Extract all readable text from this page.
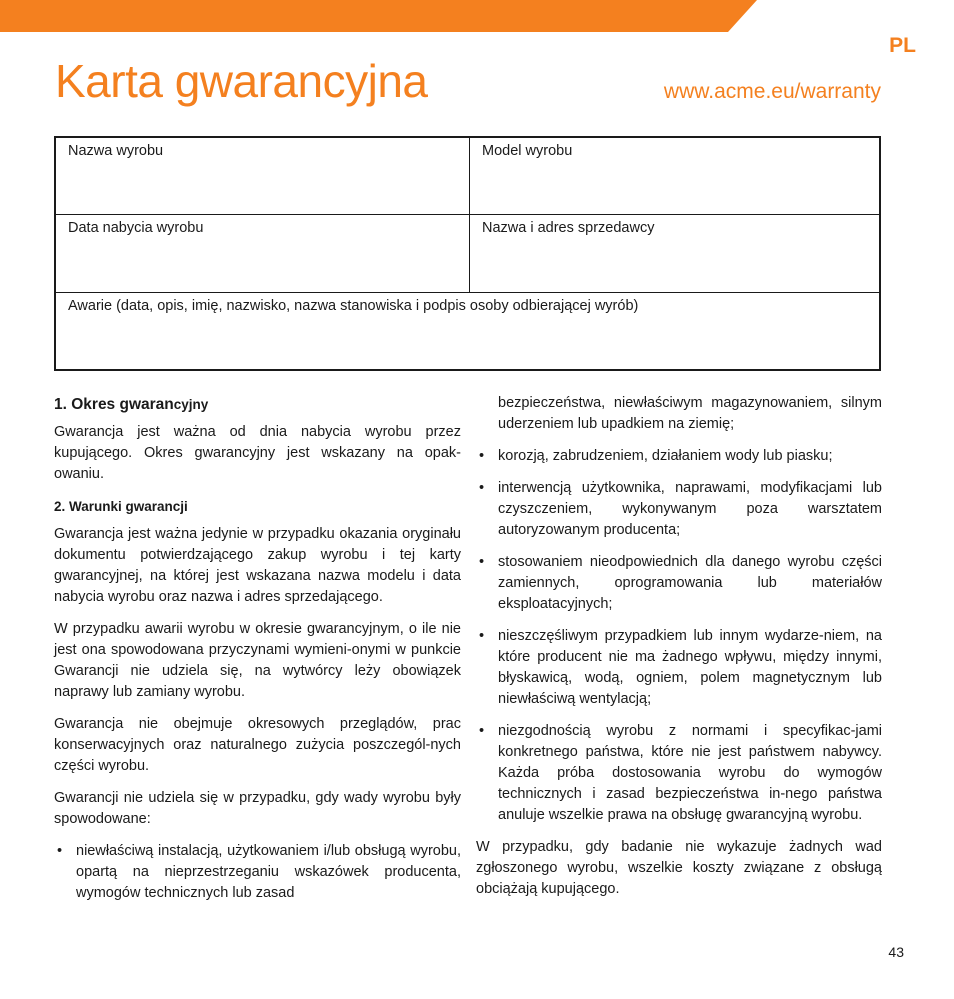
PL
Karta gwarancyjna	www.acme.eu/warranty
Nazwa wyrobu	Model wyrobu
Data nabycia wyrobu	Nazwa i adres sprzedawcy
Awarie (data, opis, imię, nazwisko, nazwa stanowiska i podpis osoby odbierającej wyrób)
1. Okres gwarancyjny

Gwarancja jest ważna od dnia nabycia wyrobu przez kupującego. Okres gwarancyjny jest wskazany na opak-owaniu.

2. Warunki gwarancji

Gwarancja jest ważna jedynie w przypadku okazania oryginału dokumentu potwierdzającego zakup wyrobu i tej karty gwarancyjnej, na której jest wskazana nazwa modelu i data nabycia wyrobu oraz nazwa i adres sprzedającego.

W przypadku awarii wyrobu w okresie gwarancyjnym, o ile nie jest ona spowodowana przyczynami wymieni-onymi w punkcie Gwarancji nie udziela się, na wytwórcy leży obowiązek naprawy lub zamiany wyrobu.

Gwarancja nie obejmuje okresowych przeglądów, prac konserwacyjnych oraz naturalnego zużycia poszczegól-nych części wyrobu.

Gwarancji nie udziela się w przypadku, gdy wady wyrobu były spowodowane:

• niewłaściwą instalacją, użytkowaniem i/lub obsługą wyrobu, opartą na nieprzestrzeganiu wskazówek producenta, wymogów technicznych lub zasad

bezpieczeństwa, niewłaściwym magazynowaniem, silnym uderzeniem lub upadkiem na ziemię;

• korozją, zabrudzeniem, działaniem wody lub piasku;
• interwencją użytkownika, naprawami, modyfikacjami lub czyszczeniem, wykonywanym poza warsztatem autoryzowanym producenta;
• stosowaniem nieodpowiednich dla danego wyrobu części zamiennych, oprogramowania lub materiałów eksploatacyjnych;
• nieszczęśliwym przypadkiem lub innym wydarze-niem, na które producent nie ma żadnego wpływu, między innymi, błyskawicą, wodą, ogniem, polem magnetycznym lub niewłaściwą wentylacją;
• niezgodnością wyrobu z normami i specyfikac-jami konkretnego państwa, które nie jest państwem nabywcy. Każda próba dostosowania wyrobu do wymogów technicznych i zasad bezpieczeństwa in-nego państwa anuluje wszelkie prawa na obsługę gwarancyjną wyrobu.

W przypadku, gdy badanie nie wykazuje żadnych wad zgłoszonego wyrobu, wszelkie koszty związane z obsługą obciążają kupującego.

43
